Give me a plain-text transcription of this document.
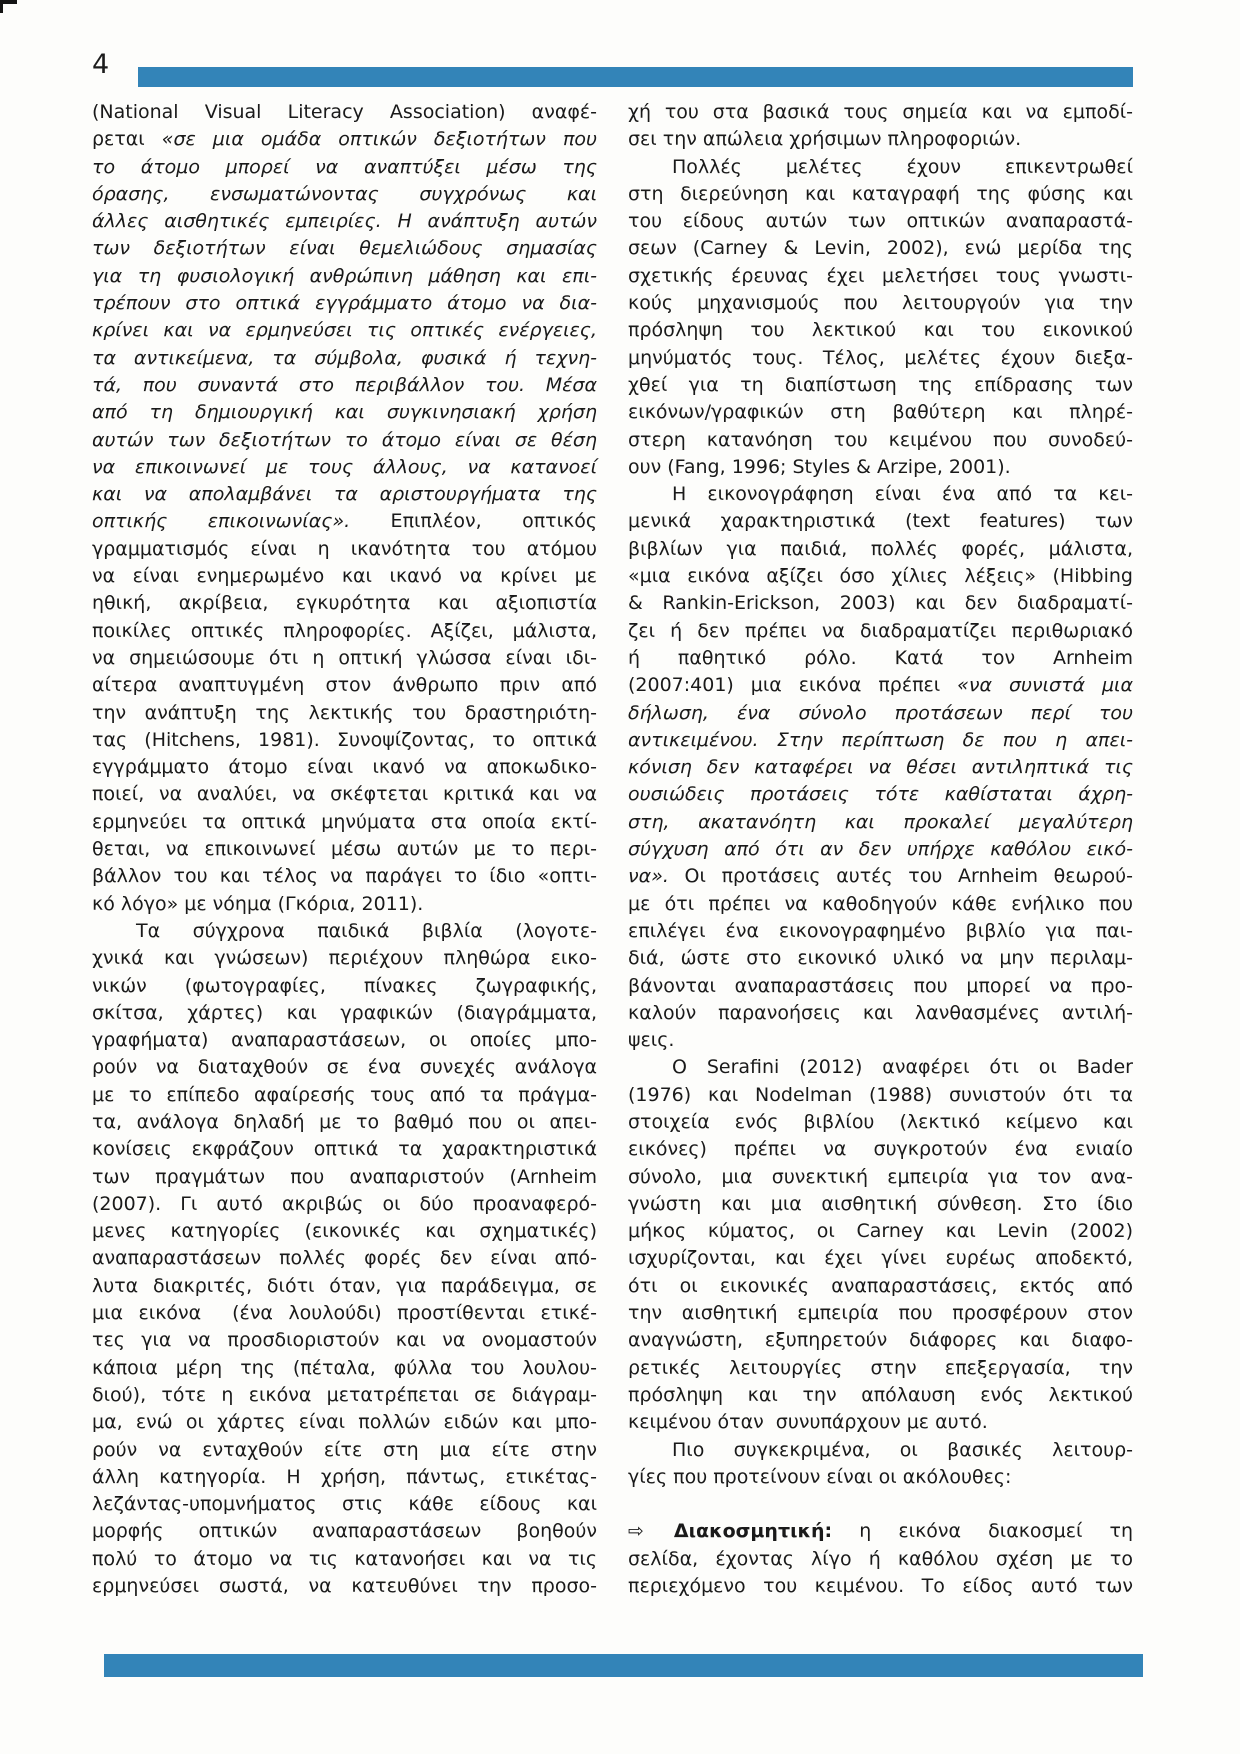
4
(National Visual Literacy Association) αναφέ-
ρεται «σε μια ομάδα οπτικών δεξιοτήτων που
το άτομο μπορεί να αναπτύξει μέσω της
όρασης, ενσωματώνοντας συγχρόνως και
άλλες αισθητικές εμπειρίες. Η ανάπτυξη αυτών
των δεξιοτήτων είναι θεμελιώδους σημασίας
για τη φυσιολογική ανθρώπινη μάθηση και επι-
τρέπουν στο οπτικά εγγράμματο άτομο να δια-
κρίνει και να ερμηνεύσει τις οπτικές ενέργειες,
τα αντικείμενα, τα σύμβολα, φυσικά ή τεχνη-
τά, που συναντά στο περιβάλλον του. Μέσα
από τη δημιουργική και συγκινησιακή χρήση
αυτών των δεξιοτήτων το άτομο είναι σε θέση
να επικοινωνεί με τους άλλους, να κατανοεί
και να απολαμβάνει τα αριστουργήματα της
οπτικής επικοινωνίας». Επιπλέον, οπτικός
γραμματισμός είναι η ικανότητα του ατόμου
να είναι ενημερωμένο και ικανό να κρίνει με
ηθική, ακρίβεια, εγκυρότητα και αξιοπιστία
ποικίλες οπτικές πληροφορίες. Αξίζει, μάλιστα,
να σημειώσουμε ότι η οπτική γλώσσα είναι ιδι-
αίτερα αναπτυγμένη στον άνθρωπο πριν από
την ανάπτυξη της λεκτικής του δραστηριότη-
τας (Hitchens, 1981). Συνοψίζοντας, το οπτικά
εγγράμματο άτομο είναι ικανό να αποκωδικο-
ποιεί, να αναλύει, να σκέφτεται κριτικά και να
ερμηνεύει τα οπτικά μηνύματα στα οποία εκτί-
θεται, να επικοινωνεί μέσω αυτών με το περι-
βάλλον του και τέλος να παράγει το ίδιο «οπτι-
κό λόγο» με νόημα (Γκόρια, 2011).
Τα σύγχρονα παιδικά βιβλία (λογοτε-
χνικά και γνώσεων) περιέχουν πληθώρα εικο-
νικών (φωτογραφίες, πίνακες ζωγραφικής,
σκίτσα, χάρτες) και γραφικών (διαγράμματα,
γραφήματα) αναπαραστάσεων, οι οποίες μπο-
ρούν να διαταχθούν σε ένα συνεχές ανάλογα
με το επίπεδο αφαίρεσής τους από τα πράγμα-
τα, ανάλογα δηλαδή με το βαθμό που οι απει-
κονίσεις εκφράζουν οπτικά τα χαρακτηριστικά
των πραγμάτων που αναπαριστούν (Arnheim
(2007). Γι αυτό ακριβώς οι δύο προαναφερό-
μενες κατηγορίες (εικονικές και σχηματικές)
αναπαραστάσεων πολλές φορές δεν είναι από-
λυτα διακριτές, διότι όταν, για παράδειγμα, σε
μια εικόνα  (ένα λουλούδι) προστίθενται ετικέ-
τες για να προσδιοριστούν και να ονομαστούν
κάποια μέρη της (πέταλα, φύλλα του λουλου-
διού), τότε η εικόνα μετατρέπεται σε διάγραμ-
μα, ενώ οι χάρτες είναι πολλών ειδών και μπο-
ρούν να ενταχθούν είτε στη μια είτε στην
άλλη κατηγορία. Η χρήση, πάντως, ετικέτας-
λεζάντας-υπομνήματος στις κάθε είδους και
μορφής οπτικών αναπαραστάσεων βοηθούν
πολύ το άτομο να τις κατανοήσει και να τις
ερμηνεύσει σωστά, να κατευθύνει την προσο-
χή του στα βασικά τους σημεία και να εμποδί-
σει την απώλεια χρήσιμων πληροφοριών.
Πολλές μελέτες έχουν επικεντρωθεί
στη διερεύνηση και καταγραφή της φύσης και
του είδους αυτών των οπτικών αναπαραστά-
σεων (Carney & Levin, 2002), ενώ μερίδα της
σχετικής έρευνας έχει μελετήσει τους γνωστι-
κούς μηχανισμούς που λειτουργούν για την
πρόσληψη του λεκτικού και του εικονικού
μηνύματός τους. Τέλος, μελέτες έχουν διεξα-
χθεί για τη διαπίστωση της επίδρασης των
εικόνων/γραφικών στη βαθύτερη και πληρέ-
στερη κατανόηση του κειμένου που συνοδεύ-
ουν (Fang, 1996; Styles & Arzipe, 2001).
Η εικονογράφηση είναι ένα από τα κει-
μενικά χαρακτηριστικά (text features) των
βιβλίων για παιδιά, πολλές φορές, μάλιστα,
«μια εικόνα αξίζει όσο χίλιες λέξεις» (Hibbing
& Rankin-Erickson, 2003) και δεν διαδραματί-
ζει ή δεν πρέπει να διαδραματίζει περιθωριακό
ή παθητικό ρόλο. Κατά τον Arnheim
(2007:401) μια εικόνα πρέπει «να συνιστά μια
δήλωση, ένα σύνολο προτάσεων περί του
αντικειμένου. Στην περίπτωση δε που η απει-
κόνιση δεν καταφέρει να θέσει αντιληπτικά τις
ουσιώδεις προτάσεις τότε καθίσταται άχρη-
στη, ακατανόητη και προκαλεί μεγαλύτερη
σύγχυση από ότι αν δεν υπήρχε καθόλου εικό-
να». Οι προτάσεις αυτές του Arnheim θεωρού-
με ότι πρέπει να καθοδηγούν κάθε ενήλικο που
επιλέγει ένα εικονογραφημένο βιβλίο για παι-
διά, ώστε στο εικονικό υλικό να μην περιλαμ-
βάνονται αναπαραστάσεις που μπορεί να προ-
καλούν παρανοήσεις και λανθασμένες αντιλή-
ψεις.
Ο Serafini (2012) αναφέρει ότι οι Bader
(1976) και Nodelman (1988) συνιστούν ότι τα
στοιχεία ενός βιβλίου (λεκτικό κείμενο και
εικόνες) πρέπει να συγκροτούν ένα ενιαίο
σύνολο, μια συνεκτική εμπειρία για τον ανα-
γνώστη και μια αισθητική σύνθεση. Στο ίδιο
μήκος κύματος, οι Carney και Levin (2002)
ισχυρίζονται, και έχει γίνει ευρέως αποδεκτό,
ότι οι εικονικές αναπαραστάσεις, εκτός από
την αισθητική εμπειρία που προσφέρουν στον
αναγνώστη, εξυπηρετούν διάφορες και διαφο-
ρετικές λειτουργίες στην επεξεργασία, την
πρόσληψη και την απόλαυση ενός λεκτικού
κειμένου όταν  συνυπάρχουν με αυτό.
Πιο συγκεκριμένα, οι βασικές λειτουρ-
γίες που προτείνουν είναι οι ακόλουθες:
⇨ Διακοσμητική: η εικόνα διακοσμεί τη
σελίδα, έχοντας λίγο ή καθόλου σχέση με το
περιεχόμενο του κειμένου. Το είδος αυτό των
